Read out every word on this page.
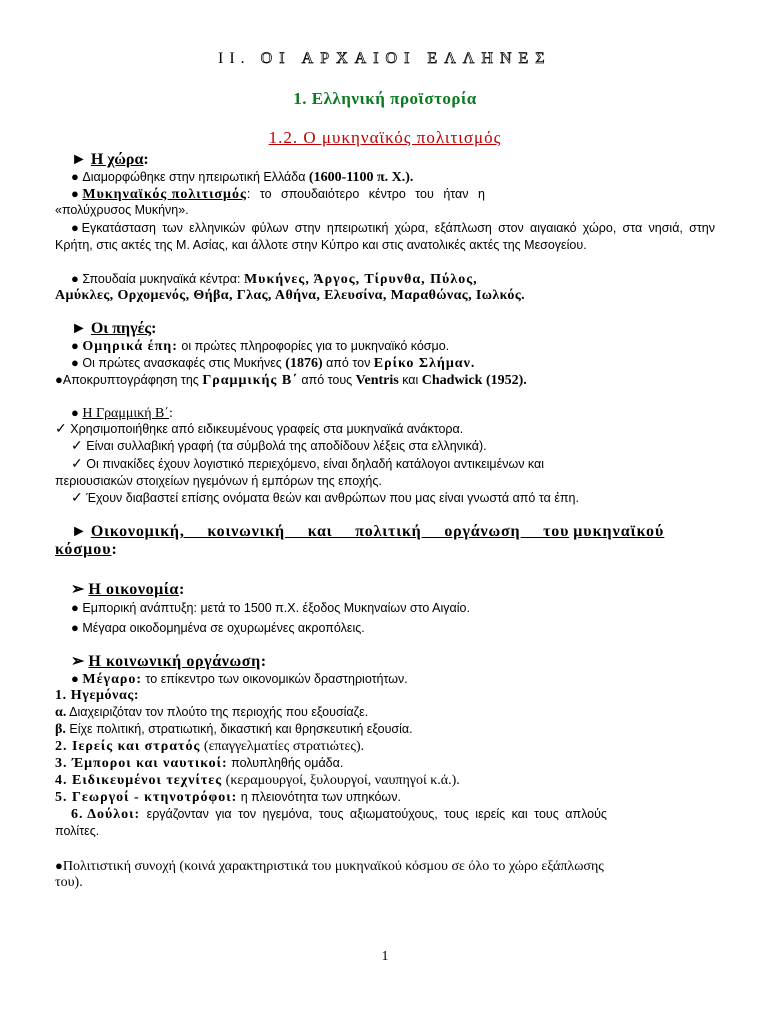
II. ΟΙ ΑΡΧΑΙΟΙ ΕΛΛΗΝΕΣ
1. Ελληνική προϊστορία
1.2. Ο μυκηναϊκός πολιτισμός
► Η χώρα:
● Διαμορφώθηκε στην ηπειρωτική Ελλάδα (1600-1100 π. Χ.).
● Μυκηναϊκός πολιτισμός: το σπουδαιότερο κέντρο του ήταν η
«πολύχρυσος Μυκήνη».
●Εγκατάσταση των ελληνικών φύλων στην ηπειρωτική χώρα, εξάπλωση στον αιγαιακό χώρο, στα νησιά, στην Κρήτη, στις ακτές της Μ. Ασίας, και άλλοτε στην Κύπρο και στις ανατολικές ακτές της Μεσογείου.
● Σπουδαία μυκηναϊκά κέντρα: Μυκήνες, Άργος, Τίρυνθα, Πύλος,
Αμύκλες, Ορχομενός, Θήβα, Γλας, Αθήνα, Ελευσίνα, Μαραθώνας, Ιωλκός.
► Οι πηγές:
● Ομηρικά έπη: οι πρώτες πληροφορίες για το μυκηναϊκό κόσμο.
● Οι πρώτες ανασκαφές στις Μυκήνες (1876) από τον Ερίκο Σλήμαν.
●Αποκρυπτογράφηση της Γραμμικής Β΄ από τους Ventris και Chadwick (1952).
● Η Γραμμική Β΄:
✓ Χρησιμοποιήθηκε από ειδικευμένους γραφείς στα μυκηναϊκά ανάκτορα.
✓ Είναι συλλαβική γραφή (τα σύμβολά της αποδίδουν λέξεις στα ελληνικά).
✓ Οι πινακίδες έχουν λογιστικό περιεχόμενο, είναι δηλαδή κατάλογοι αντικειμένων και
περιουσιακών στοιχείων ηγεμόνων ή εμπόρων της εποχής.
✓ Έχουν διαβαστεί επίσης ονόματα θεών και ανθρώπων που μας είναι γνωστά από τα έπη.
► Οικονομική, κοινωνική και πολιτική οργάνωση του μυκηναϊκού
κόσμου:
➢ Η οικονομία:
● Εμπορική ανάπτυξη: μετά το 1500 π.Χ. έξοδος Μυκηναίων στο Αιγαίο.
● Μέγαρα οικοδομημένα σε οχυρωμένες ακροπόλεις.
➢ Η κοινωνική οργάνωση:
● Μέγαρο: το επίκεντρο των οικονομικών δραστηριοτήτων.
1. Ηγεμόνας:
α. Διαχειριζόταν τον πλούτο της περιοχής που εξουσίαζε.
β. Είχε πολιτική, στρατιωτική, δικαστική και θρησκευτική εξουσία.
2. Ιερείς και στρατός (επαγγελματίες στρατιώτες).
3. Έμποροι και ναυτικοί: πολυπληθής ομάδα.
4. Ειδικευμένοι τεχνίτες (κεραμουργοί, ξυλουργοί, ναυπηγοί κ.ά.).
5. Γεωργοί - κτηνοτρόφοι: η πλειονότητα των υπηκόων.
6. Δούλοι: εργάζονταν για τον ηγεμόνα, τους αξιωματούχους, τους ιερείς και τους απλούς
πολίτες.
●Πολιτιστική συνοχή (κοινά χαρακτηριστικά του μυκηναϊκού κόσμου σε όλο το χώρο εξάπλωσης
του).
1
